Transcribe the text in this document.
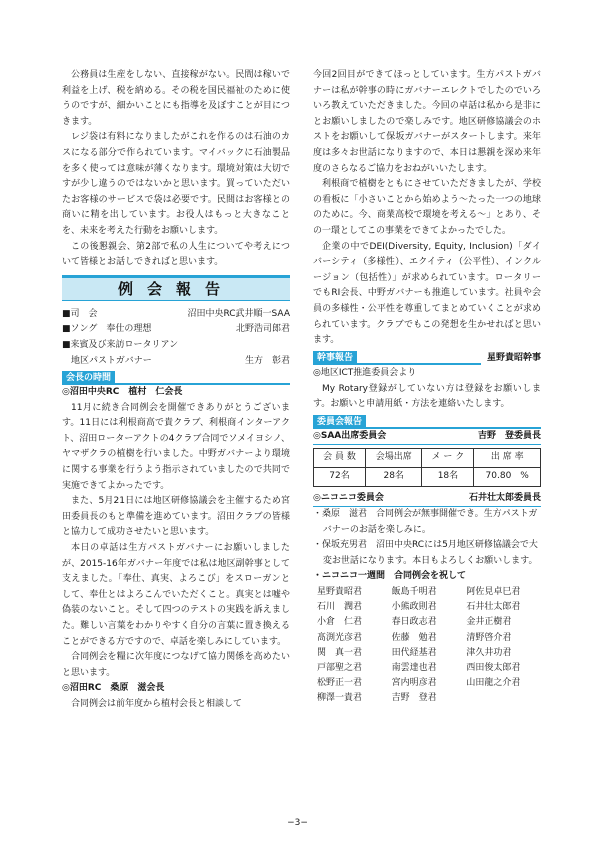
公務員は生産をしない、直接稼がない。民間は稼いで利益を上げ、税を納める。その税を国民福祉のために使うのですが、細かいことにも指導を及ぼすことが目につきます。

レジ袋は有料になりましたがこれを作るのは石油のカスになる部分で作られています。マイバックに石油製品を多く使っては意味が薄くなります。環境対策は大切ですが少し違うのではないかと思います。買っていただいたお客様のサービスで袋は必要です。民間はお客様との商いに精を出しています。お役人はもっと大きなことを、未来を考えた行動をお願いします。

この後懇親会、第2部で私の人生についてや考えについて皆様とお話しできればと思います。

例会報告
■司　会	沼田中央RC武井順一SAA
■ソング　奉仕の理想	北野浩司郎君
■来賓及び来訪ロータリアン
　地区パストガバナー	生方　彰君
会長の時間
◎沼田中央RC　植村　仁会長

11月に続き合同例会を開催できありがとうございます。11日には利根商高で貴クラブ、利根商インターアクト、沼田ローターアクトの4クラブ合同でソメイヨシノ、ヤマザクラの植樹を行いました。中野ガバナーより環境に関する事業を行うよう指示されていましたので共同で実施できてよかったです。

また、5月21日には地区研修協議会を主催するため宮田委員長のもと準備を進めています。沼田クラブの皆様と協力して成功させたいと思います。

本日の卓話は生方パストガバナーにお願いしましたが、2015-16年ガバナー年度では私は地区副幹事として支えました。「奉仕、真実、よろこび」をスローガンとして、奉仕とはよろこんでいただくこと。真実とは嘘や偽装のないこと。そして四つのテストの実践を訴えました。難しい言葉をわかりやすく自分の言葉に置き換えることができる方ですので、卓話を楽しみにしています。

合同例会を糧に次年度につなげて協力関係を高めたいと思います。

◎沼田RC　桑原　滋会長

合同例会は前年度から植村会長と相談して

今回2回目ができてほっとしています。生方パストガバナーは私が幹事の時にガバナーエレクトでしたのでいろいろ教えていただきました。今回の卓話は私から是非にとお願いしましたので楽しみです。地区研修協議会のホストをお願いして保坂ガバナーがスタートします。来年度は多々お世話になりますので、本日は懇親を深め来年度のさらなるご協力をおねがいいたします。

利根商で植樹をともにさせていただきましたが、学校の看板に「小さいことから始めよう～たった一つの地球のために。今、商業高校で環境を考える～」とあり、その一環としてこの事業をできてよかったでした。

企業の中でDEI(Diversity, Equity, Inclusion)「ダイバーシティ（多様性）、エクイティ（公平性）、インクルージョン（包括性）」が求められています。ロータリーでもRI会長、中野ガバナーも推進しています。社員や会員の多様性・公平性を尊重してまとめていくことが求められています。クラブでもこの発想を生かせればと思います。

幹事報告	星野貴昭幹事
◎地区ICT推進委員会より

My Rotary登録がしていない方は登録をお願いします。お願いと申請用紙・方法を連絡いたします。

委員会報告
◎SAA出席委員会	吉野　登委員長
会 員 数	会場出席	メ ー ク	出 席 率
72名	28名	18名	70.80　%
◎ニコニコ委員会	石井壮太郎委員長
・桑原　滋君　合同例会が無事開催でき。生方パストガバナーのお話を楽しみに。
・保坂充男君　沼田中央RCには5月地区研修協議会で大変お世話になります。本日もよろしくお願いします。
・ニコニコ一週間　合同例会を祝して
星野貴昭君	飯島千明君	阿佐見卓巳君
石川　潤君	小熊政則君	石井壮太郎君
小倉　仁君	春日政志君	金井正樹君
髙渕光彦君	佐藤　勉君	清野啓介君
関　真一君	田代経基君	津久井功君
戸部聖之君	南雲達也君	西田俊太郎君
松野正一君	宮内明彦君	山田龍之介君
柳澤一貴君	吉野　登君
−3−
